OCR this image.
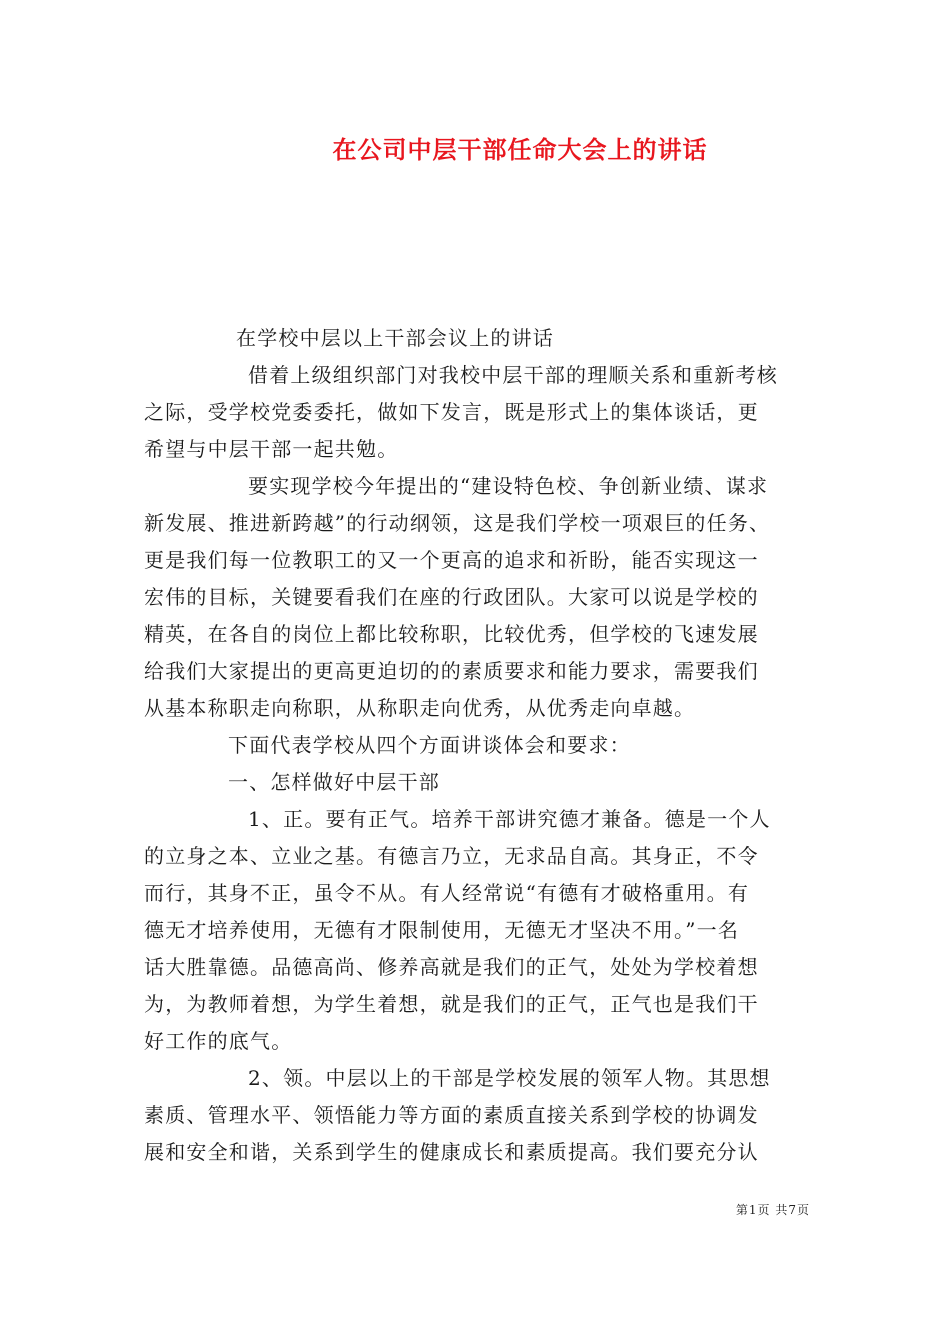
在公司中层干部任命大会上的讲话
在学校中层以上干部会议上的讲话
借着上级组织部门对我校中层干部的理顺关系和重新考核
之际，受学校党委委托，做如下发言，既是形式上的集体谈话，更
希望与中层干部一起共勉。
要实现学校今年提出的“建设特色校、争创新业绩、谋求
新发展、推进新跨越”的行动纲领，这是我们学校一项艰巨的任务、
更是我们每一位教职工的又一个更高的追求和祈盼，能否实现这一
宏伟的目标，关键要看我们在座的行政团队。大家可以说是学校的
精英，在各自的岗位上都比较称职，比较优秀，但学校的飞速发展
给我们大家提出的更高更迫切的的素质要求和能力要求，需要我们
从基本称职走向称职，从称职走向优秀，从优秀走向卓越。
下面代表学校从四个方面讲谈体会和要求：
一、怎样做好中层干部
1、正。要有正气。培养干部讲究德才兼备。德是一个人
的立身之本、立业之基。有德言乃立，无求品自高。其身正，不令
而行，其身不正，虽令不从。有人经常说“有德有才破格重用。有
德无才培养使用，无德有才限制使用，无德无才坚决不用。”一名
话大胜靠德。品德高尚、修养高就是我们的正气，处处为学校着想
为，为教师着想，为学生着想，就是我们的正气，正气也是我们干
好工作的底气。
2、领。中层以上的干部是学校发展的领军人物。其思想
素质、管理水平、领悟能力等方面的素质直接关系到学校的协调发
展和安全和谐，关系到学生的健康成长和素质提高。我们要充分认
第1页 共7页
